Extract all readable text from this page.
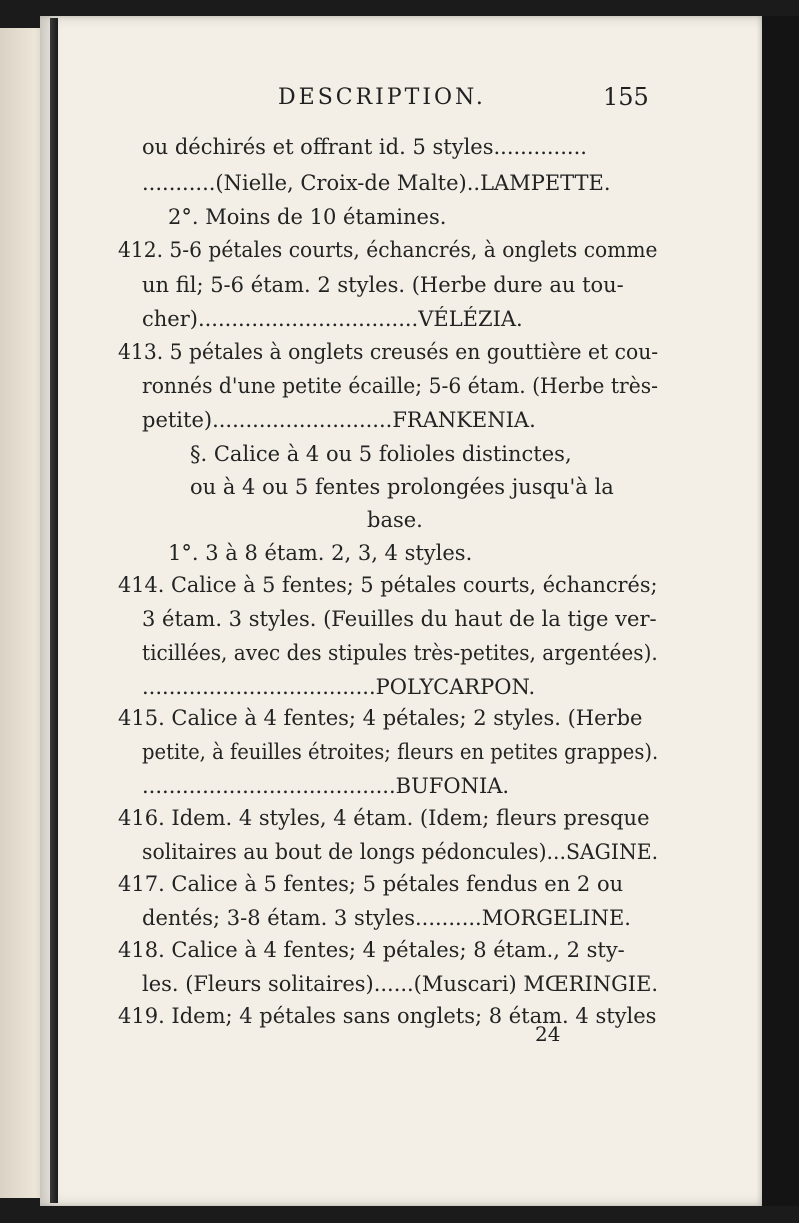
DESCRIPTION.	155
ou déchirés et offrant id. 5 styles..............
...........(Nielle, Croix-de Malte)..LAMPETTE.
2°. Moins de 10 étamines.
412. 5-6 pétales courts, échancrés, à onglets comme
un fil; 5-6 étam. 2 styles. (Herbe dure au tou-
cher).................................VÉLÉZIA.
413. 5 pétales à onglets creusés en gouttière et cou-
ronnés d'une petite écaille; 5-6 étam. (Herbe très-
petite)...........................FRANKENIA.
§. Calice à 4 ou 5 folioles distinctes,
ou à 4 ou 5 fentes prolongées jusqu'à la
base.
1°. 3 à 8 étam. 2, 3, 4 styles.
414. Calice à 5 fentes; 5 pétales courts, échancrés;
3 étam. 3 styles. (Feuilles du haut de la tige ver-
ticillées, avec des stipules très-petites, argentées).
...................................POLYCARPON.
415. Calice à 4 fentes; 4 pétales; 2 styles. (Herbe
petite, à feuilles étroites; fleurs en petites grappes).
......................................BUFONIA.
416. Idem. 4 styles, 4 étam. (Idem; fleurs presque
solitaires au bout de longs pédoncules)...SAGINE.
417. Calice à 5 fentes; 5 pétales fendus en 2 ou
dentés; 3-8 étam. 3 styles..........MORGELINE.
418. Calice à 4 fentes; 4 pétales; 8 étam., 2 sty-
les. (Fleurs solitaires)......(Muscari) MŒRINGIE.
419. Idem; 4 pétales sans onglets; 8 étam. 4 styles
24
